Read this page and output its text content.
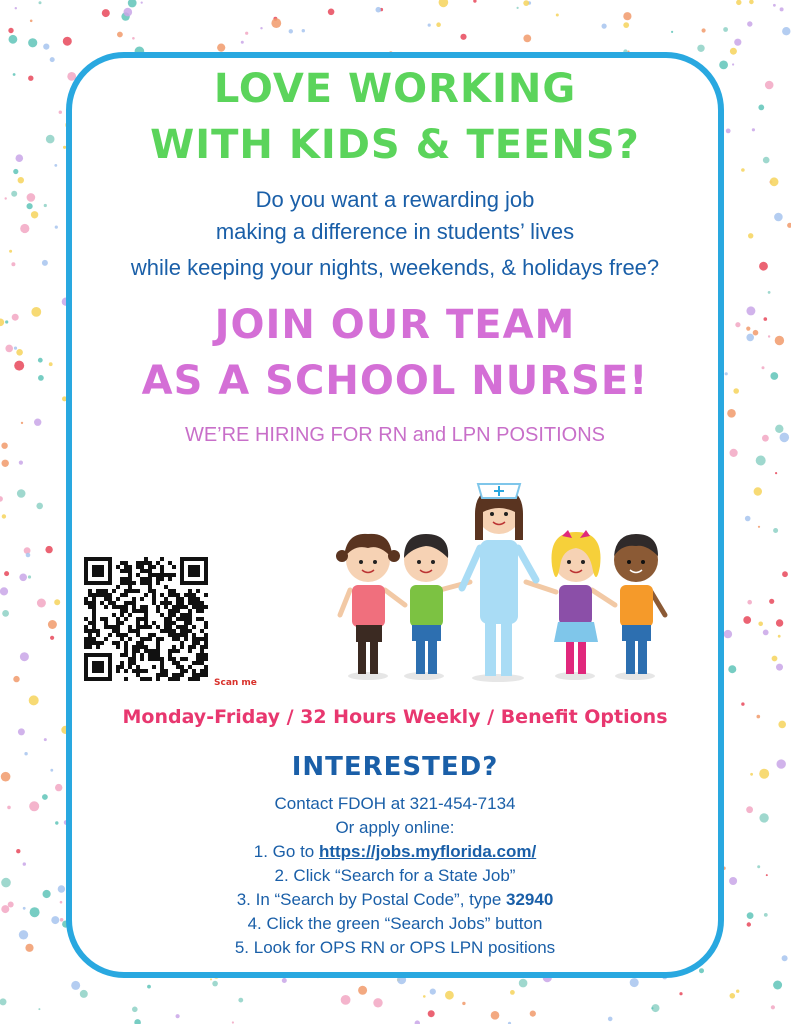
LOVE WORKING
WITH KIDS & TEENS?
Do you want a rewarding job
making a difference in students’ lives
while keeping your nights, weekends, & holidays free?
JOIN OUR TEAM
AS A SCHOOL NURSE!
WE’RE HIRING FOR RN and LPN POSITIONS
Scan me
Monday-Friday / 32 Hours Weekly / Benefit Options
INTERESTED?
Contact FDOH at 321-454-7134
Or apply online:
1. Go to https://jobs.myflorida.com/
2. Click “Search for a State Job”
3. In “Search by Postal Code”, type 32940
4. Click the green “Search Jobs” button
5. Look for OPS RN or OPS LPN positions
